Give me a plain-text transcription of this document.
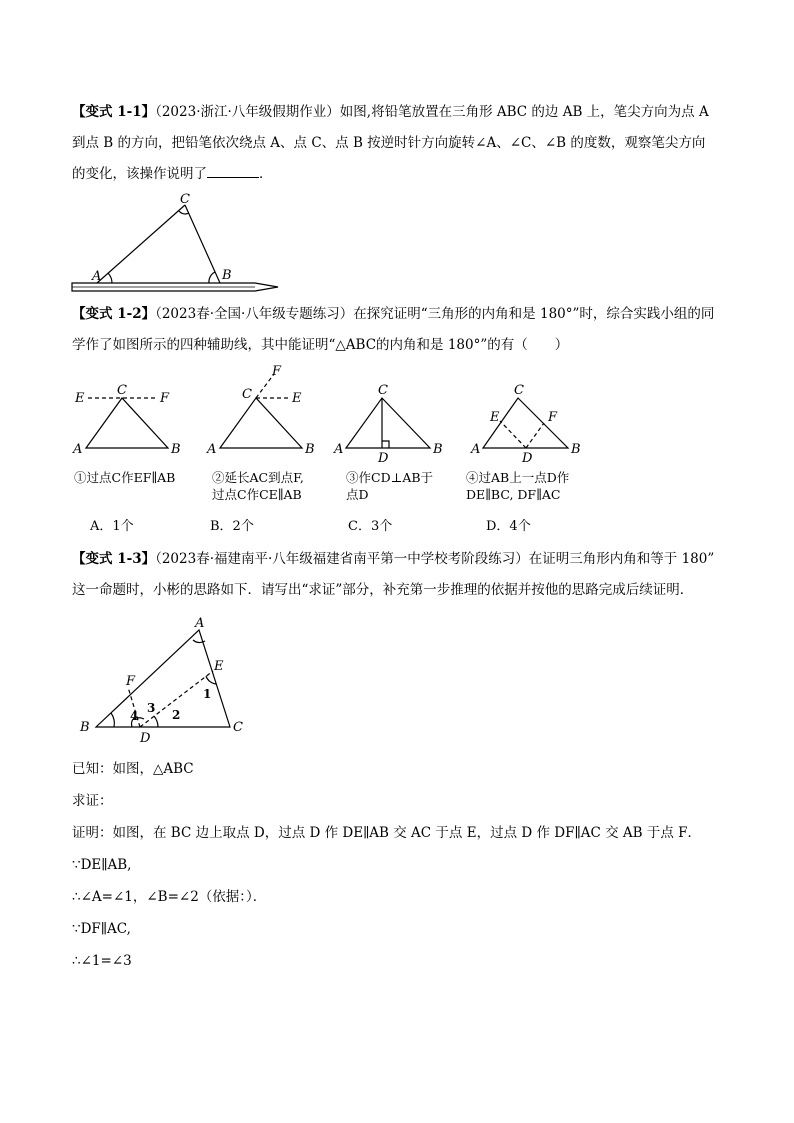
【变式 1-1】（2023·浙江·八年级假期作业）如图,将铅笔放置在三角形 ABC 的边 AB 上，笔尖方向为点 A
到点 B 的方向，把铅笔依次绕点 A、点 C、点 B 按逆时针方向旋转∠A、∠C、∠B 的度数，观察笔尖方向
的变化，该操作说明了	．
A	B
C
【变式 1-2】（2023春·全国·八年级专题练习）在探究证明“三角形的内角和是 180°”时，综合实践小组的同
学作了如图所示的四种辅助线，其中能证明“△ABC的内角和是 180°”的有（　　）
E
C
F
A	B
F
C	E
A	B
C
A	B
D
C
E	F
A	B
D
①过点C作EF∥AB	②延长AC到点F,
过点C作CE∥AB
③作CD⊥AB于
点D
④过AB上一点D作
DE∥BC, DF∥AC
A．1个	B．2个	C．3个	D．4个
【变式 1-3】（2023春·福建南平·八年级福建省南平第一中学校考阶段练习）在证明三角形内角和等于 180”
这一命题时，小彬的思路如下．请写出“求证”部分，补充第一步推理的依据并按他的思路完成后续证明．
A
E
F
B	C
D
1
2
3
4
已知：如图，△ABC
求证：
证明：如图，在 BC 边上取点 D，过点 D 作 DE∥AB 交 AC 于点 E，过点 D 作 DF∥AC 交 AB 于点 F．
∵DE∥AB,
∴∠A=∠1，∠B=∠2（依据：）．
∵DF∥AC,
∴∠1=∠3
